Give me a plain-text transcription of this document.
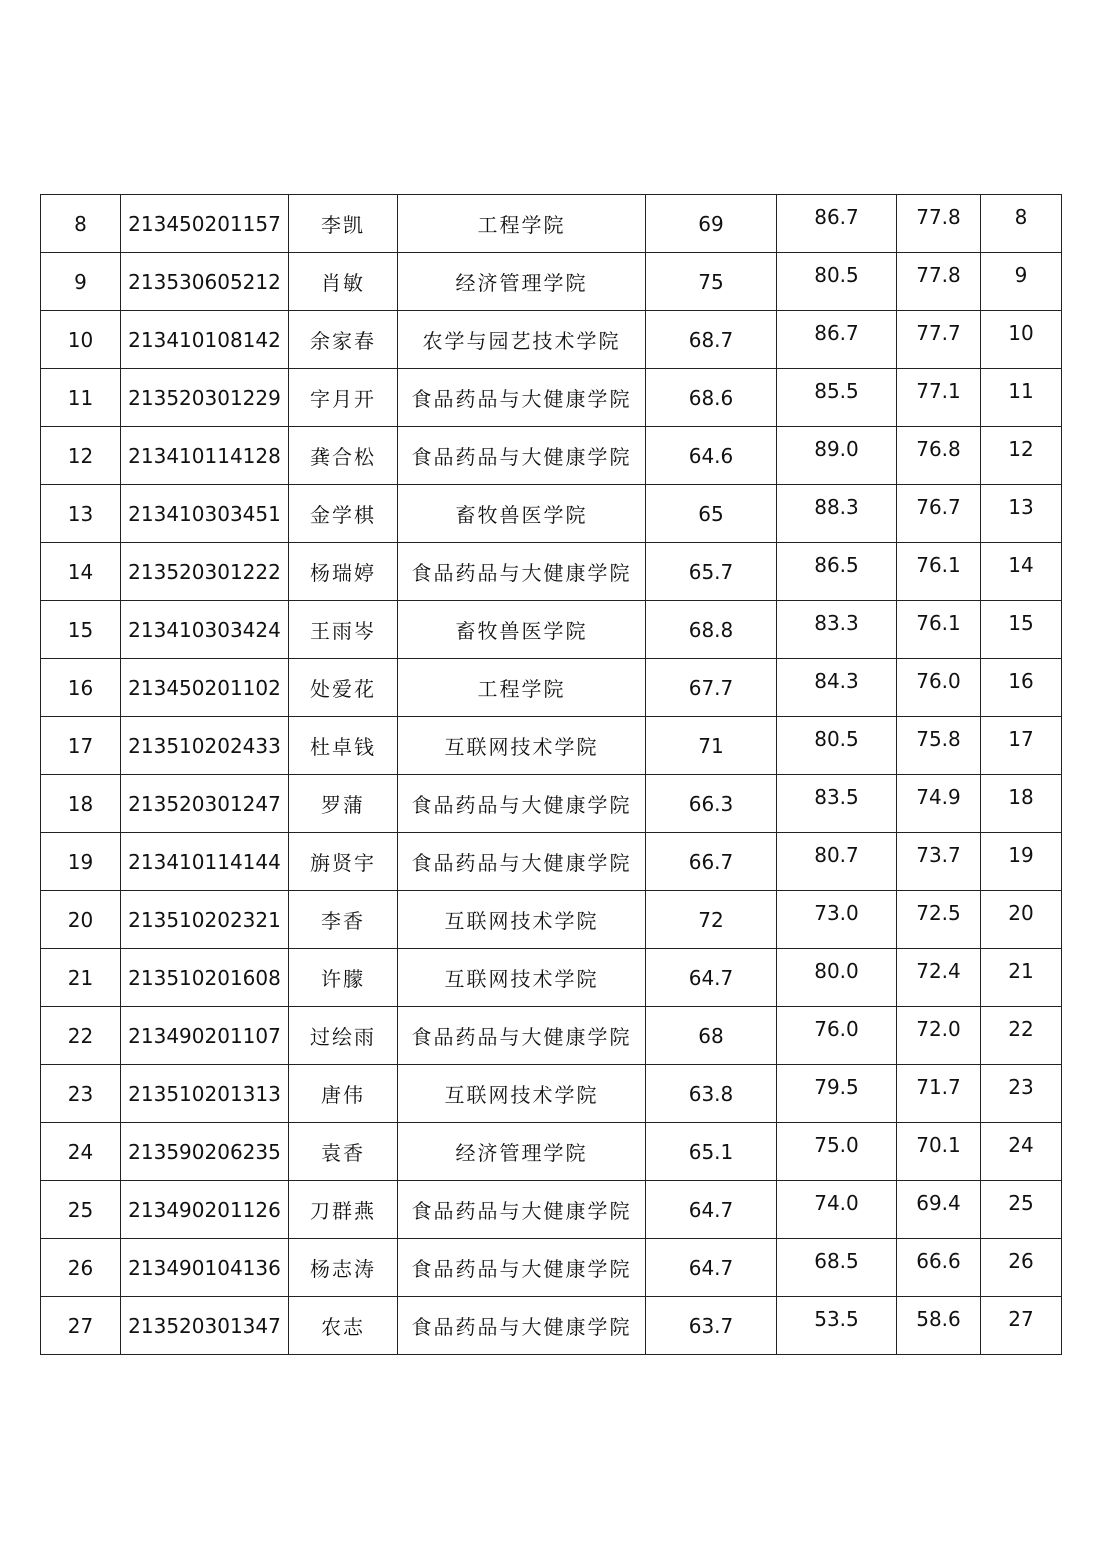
8	213450201157	李凯	工程学院	69	86.7	77.8	8
9	213530605212	肖敏	经济管理学院	75	80.5	77.8	9
10	213410108142	余家春	农学与园艺技术学院	68.7	86.7	77.7	10
11	213520301229	字月开	食品药品与大健康学院	68.6	85.5	77.1	11
12	213410114128	龚合松	食品药品与大健康学院	64.6	89.0	76.8	12
13	213410303451	金学棋	畜牧兽医学院	65	88.3	76.7	13
14	213520301222	杨瑞婷	食品药品与大健康学院	65.7	86.5	76.1	14
15	213410303424	王雨岑	畜牧兽医学院	68.8	83.3	76.1	15
16	213450201102	处爱花	工程学院	67.7	84.3	76.0	16
17	213510202433	杜卓钱	互联网技术学院	71	80.5	75.8	17
18	213520301247	罗蒲	食品药品与大健康学院	66.3	83.5	74.9	18
19	213410114144	旃贤宇	食品药品与大健康学院	66.7	80.7	73.7	19
20	213510202321	李香	互联网技术学院	72	73.0	72.5	20
21	213510201608	许朦	互联网技术学院	64.7	80.0	72.4	21
22	213490201107	过绘雨	食品药品与大健康学院	68	76.0	72.0	22
23	213510201313	唐伟	互联网技术学院	63.8	79.5	71.7	23
24	213590206235	袁香	经济管理学院	65.1	75.0	70.1	24
25	213490201126	刀群燕	食品药品与大健康学院	64.7	74.0	69.4	25
26	213490104136	杨志涛	食品药品与大健康学院	64.7	68.5	66.6	26
27	213520301347	农志	食品药品与大健康学院	63.7	53.5	58.6	27
